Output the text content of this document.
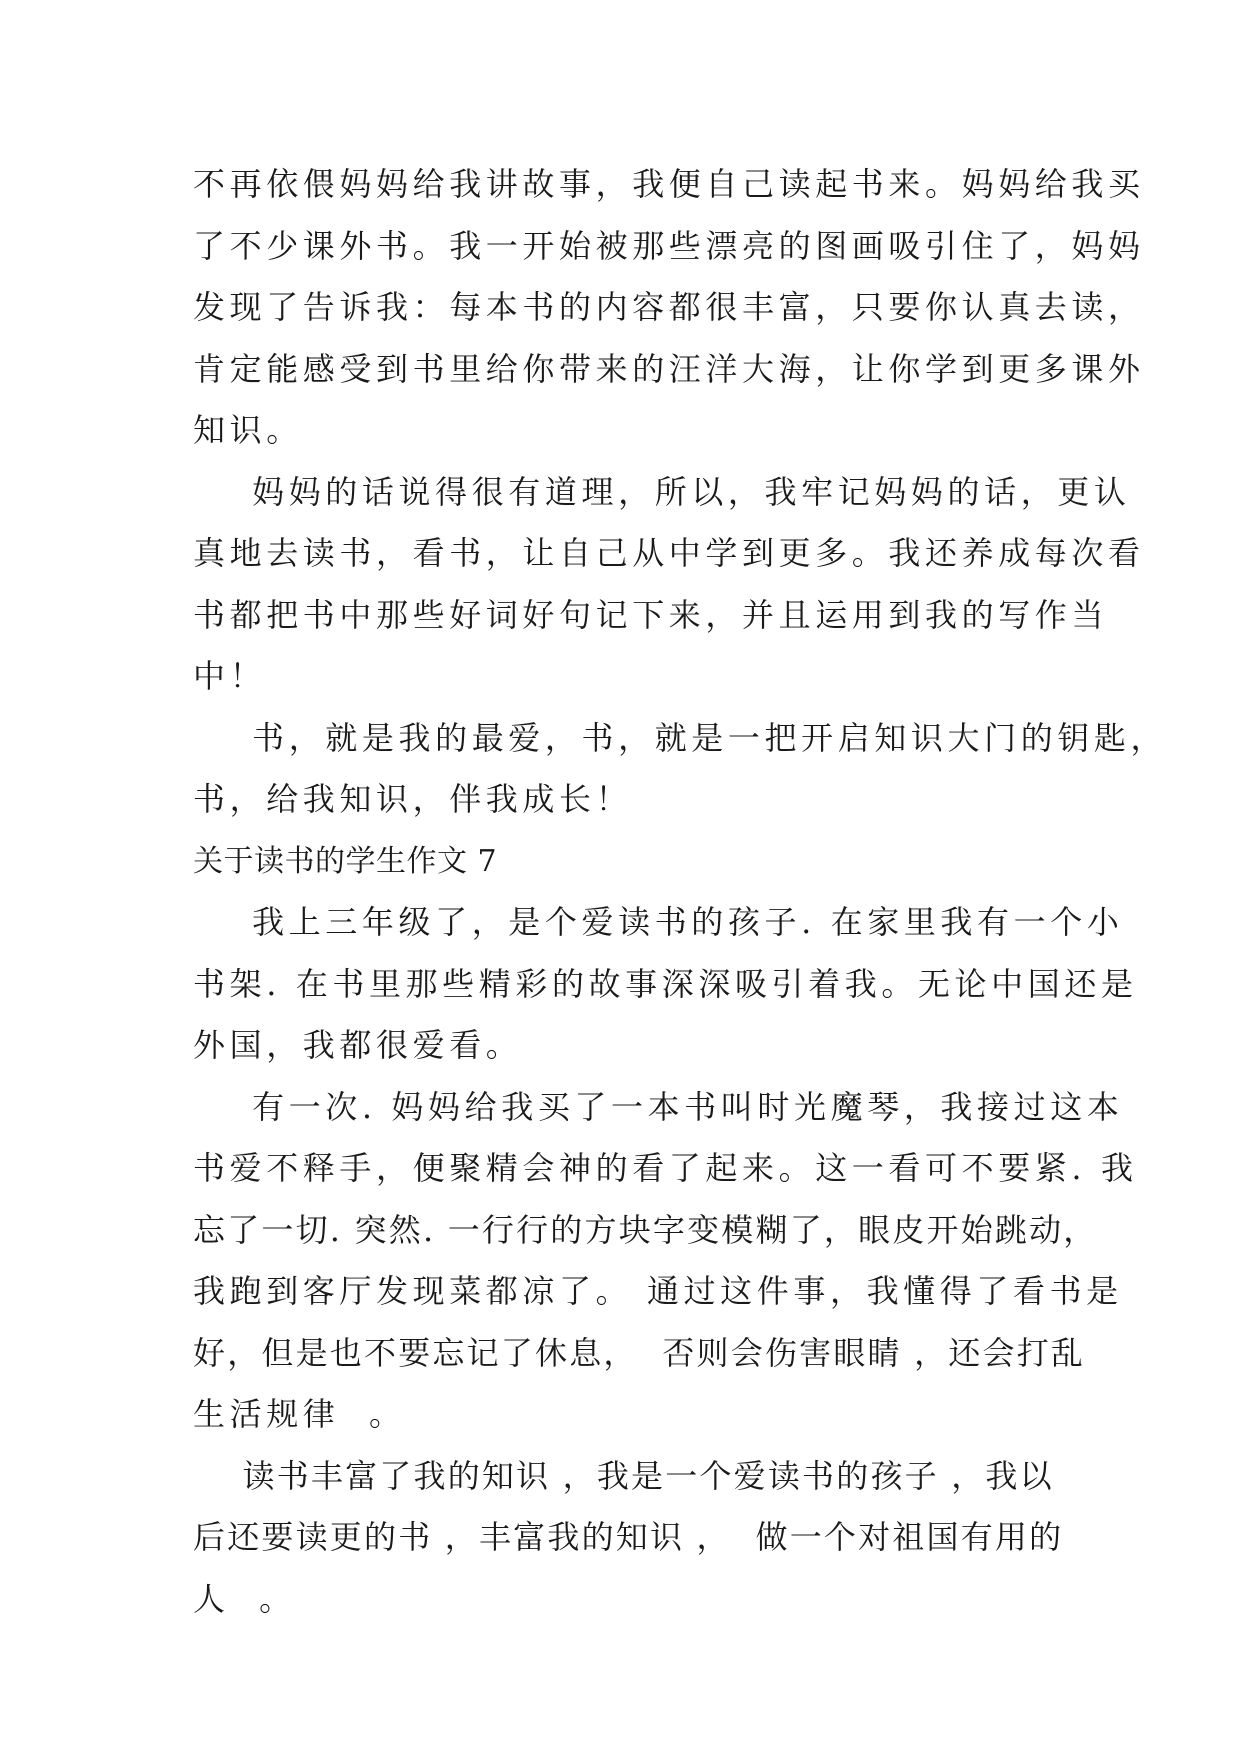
不再依偎妈妈给我讲故事，我便自己读起书来。妈妈给我买
了不少课外书。我一开始被那些漂亮的图画吸引住了，妈妈
发现了告诉我：每本书的内容都很丰富，只要你认真去读，
肯定能感受到书里给你带来的汪洋大海，让你学到更多课外
知识。
妈妈的话说得很有道理，所以，我牢记妈妈的话，更认
真地去读书，看书，让自己从中学到更多。我还养成每次看
书都把书中那些好词好句记下来，并且运用到我的写作当
中！
书，就是我的最爱，书，就是一把开启知识大门的钥匙，
书，给我知识，伴我成长！
关于读书的学生作文 7
我上三年级了，是个爱读书的孩子. 在家里我有一个小
书架. 在书里那些精彩的故事深深吸引着我。无论中国还是
外国，我都很爱看。
有一次. 妈妈给我买了一本书叫时光魔琴，我接过这本
书爱不释手，便聚精会神的看了起来。这一看可不要紧. 我
忘了一切. 突然. 一行行的方块字变模糊了，眼皮开始跳动，
我跑到客厅发现菜都凉了。 通过这件事，我懂得了看书是
好，但是也不要忘记了休息，  否则会伤害眼睛 ，还会打乱
生活规律  。
读书丰富了我的知识 ，我是一个爱读书的孩子 ，我以
后还要读更的书 ，丰富我的知识 ，  做一个对祖国有用的
人  。
